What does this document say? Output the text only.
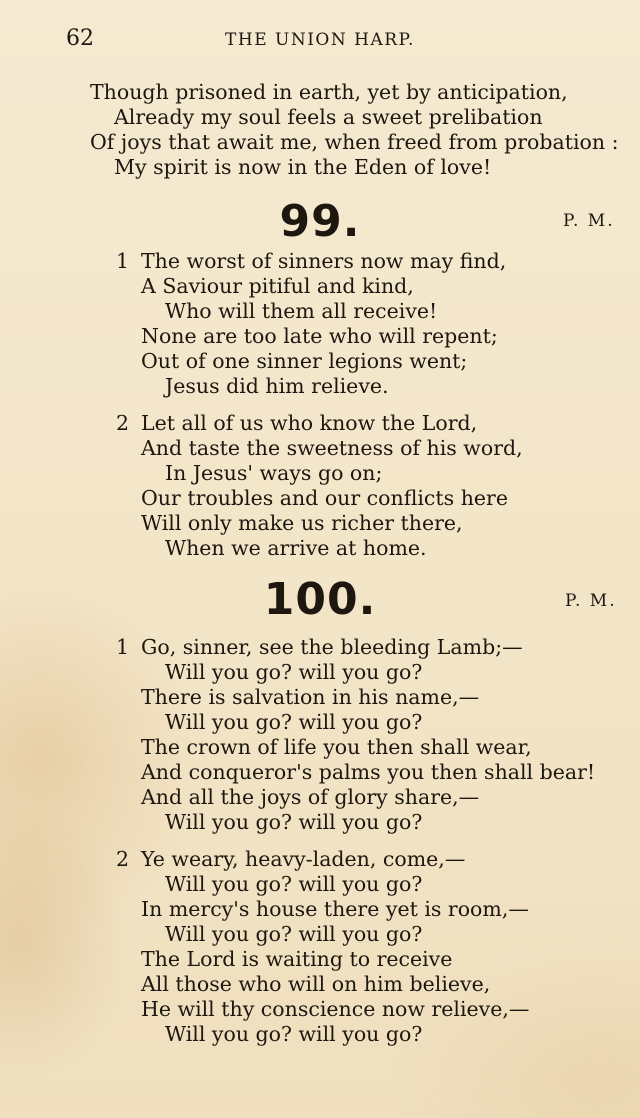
62	THE UNION HARP.
Though prisoned in earth, yet by anticipation,
Already my soul feels a sweet prelibation
Of joys that await me, when freed from probation :
My spirit is now in the Eden of love!
99.	P. M.
1 The worst of sinners now may find,
A Saviour pitiful and kind,
Who will them all receive!
None are too late who will repent;
Out of one sinner legions went;
Jesus did him relieve.
2 Let all of us who know the Lord,
And taste the sweetness of his word,
In Jesus' ways go on;
Our troubles and our conflicts here
Will only make us richer there,
When we arrive at home.
100.	P. M.
1 Go, sinner, see the bleeding Lamb;—
Will you go? will you go?
There is salvation in his name,—
Will you go? will you go?
The crown of life you then shall wear,
And conqueror's palms you then shall bear!
And all the joys of glory share,—
Will you go? will you go?
2 Ye weary, heavy-laden, come,—
Will you go? will you go?
In mercy's house there yet is room,—
Will you go? will you go?
The Lord is waiting to receive
All those who will on him believe,
He will thy conscience now relieve,—
Will you go? will you go?
